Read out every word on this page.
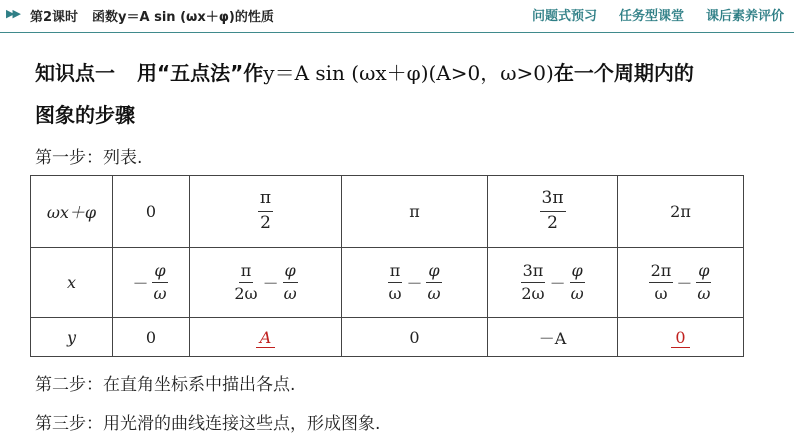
▶▶ 第2课时 函数y＝A sin (ωx＋φ)的性质	问题式预习 任务型课堂 课后素养评价
知识点一 用“五点法”作y＝A sin (ωx＋φ)(A>0，ω>0)在一个周期内的
图象的步骤
第一步：列表.
ωx＋φ	0	$\frac{\pi}{2}$	π	$\frac{3\pi}{2}$	2π
x	－ $\frac{\varphi}{\omega}$	$\frac{\pi}{2\omega} - \frac{\varphi}{\omega}$	$\frac{\pi}{\omega} - \frac{\varphi}{\omega}$	$\frac{3\pi}{2\omega} - \frac{\varphi}{\omega}$	$\frac{2\pi}{\omega} - \frac{\varphi}{\omega}$

y	0	A	0	－A	0
第二步：在直角坐标系中描出各点.
第三步：用光滑的曲线连接这些点，形成图象.
